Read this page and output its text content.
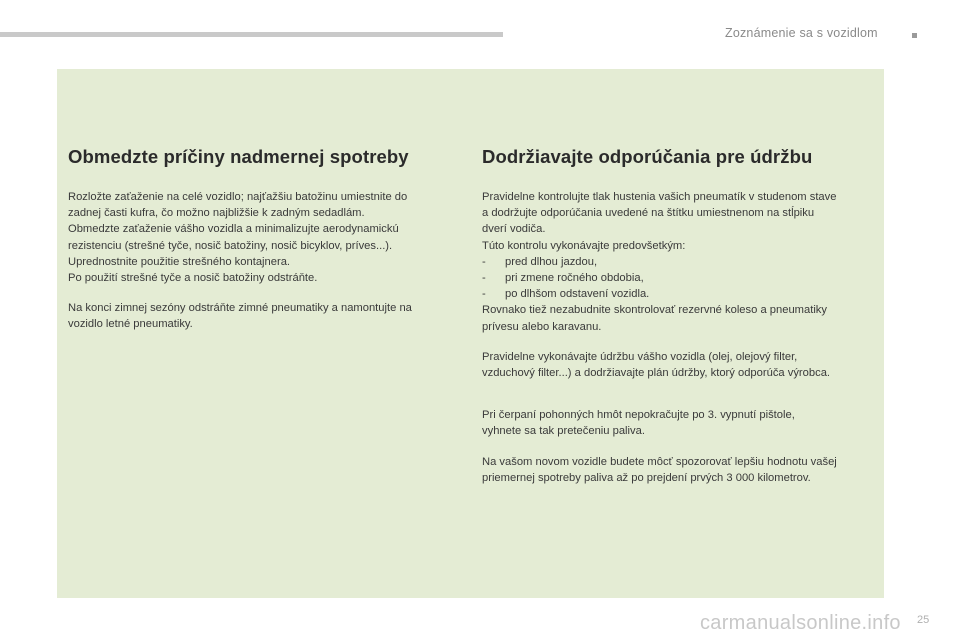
Zoznámenie sa s vozidlom
Obmedzte príčiny nadmernej spotreby

Rozložte zaťaženie na celé vozidlo; najťažšiu batožinu umiestnite do
zadnej časti kufra, čo možno najbližšie k zadným sedadlám.
Obmedzte zaťaženie vášho vozidla a minimalizujte aerodynamickú
rezistenciu (strešné tyče, nosič batožiny, nosič bicyklov, príves...).
Uprednostnite použitie strešného kontajnera.
Po použití strešné tyče a nosič batožiny odstráňte.

Na konci zimnej sezóny odstráňte zimné pneumatiky a namontujte na
vozidlo letné pneumatiky.

Dodržiavajte odporúčania pre údržbu
Pravidelne kontrolujte tlak hustenia vašich pneumatík v studenom stave
a dodržujte odporúčania uvedené na štítku umiestnenom na stĺpiku
dverí vodiča.
Túto kontrolu vykonávajte predovšetkým:
-	pred dlhou jazdou,
-	pri zmene ročného obdobia,
-	po dlhšom odstavení vozidla.
Rovnako tiež nezabudnite skontrolovať rezervné koleso a pneumatiky
prívesu alebo karavanu.

Pravidelne vykonávajte údržbu vášho vozidla (olej, olejový filter,
vzduchový filter...) a dodržiavajte plán údržby, ktorý odporúča výrobca.

Pri čerpaní pohonných hmôt nepokračujte po 3. vypnutí pištole,
vyhnete sa tak pretečeniu paliva.

Na vašom novom vozidle budete môcť spozorovať lepšiu hodnotu vašej
priemernej spotreby paliva až po prejdení prvých 3 000 kilometrov.

carmanualsonline.info 25
